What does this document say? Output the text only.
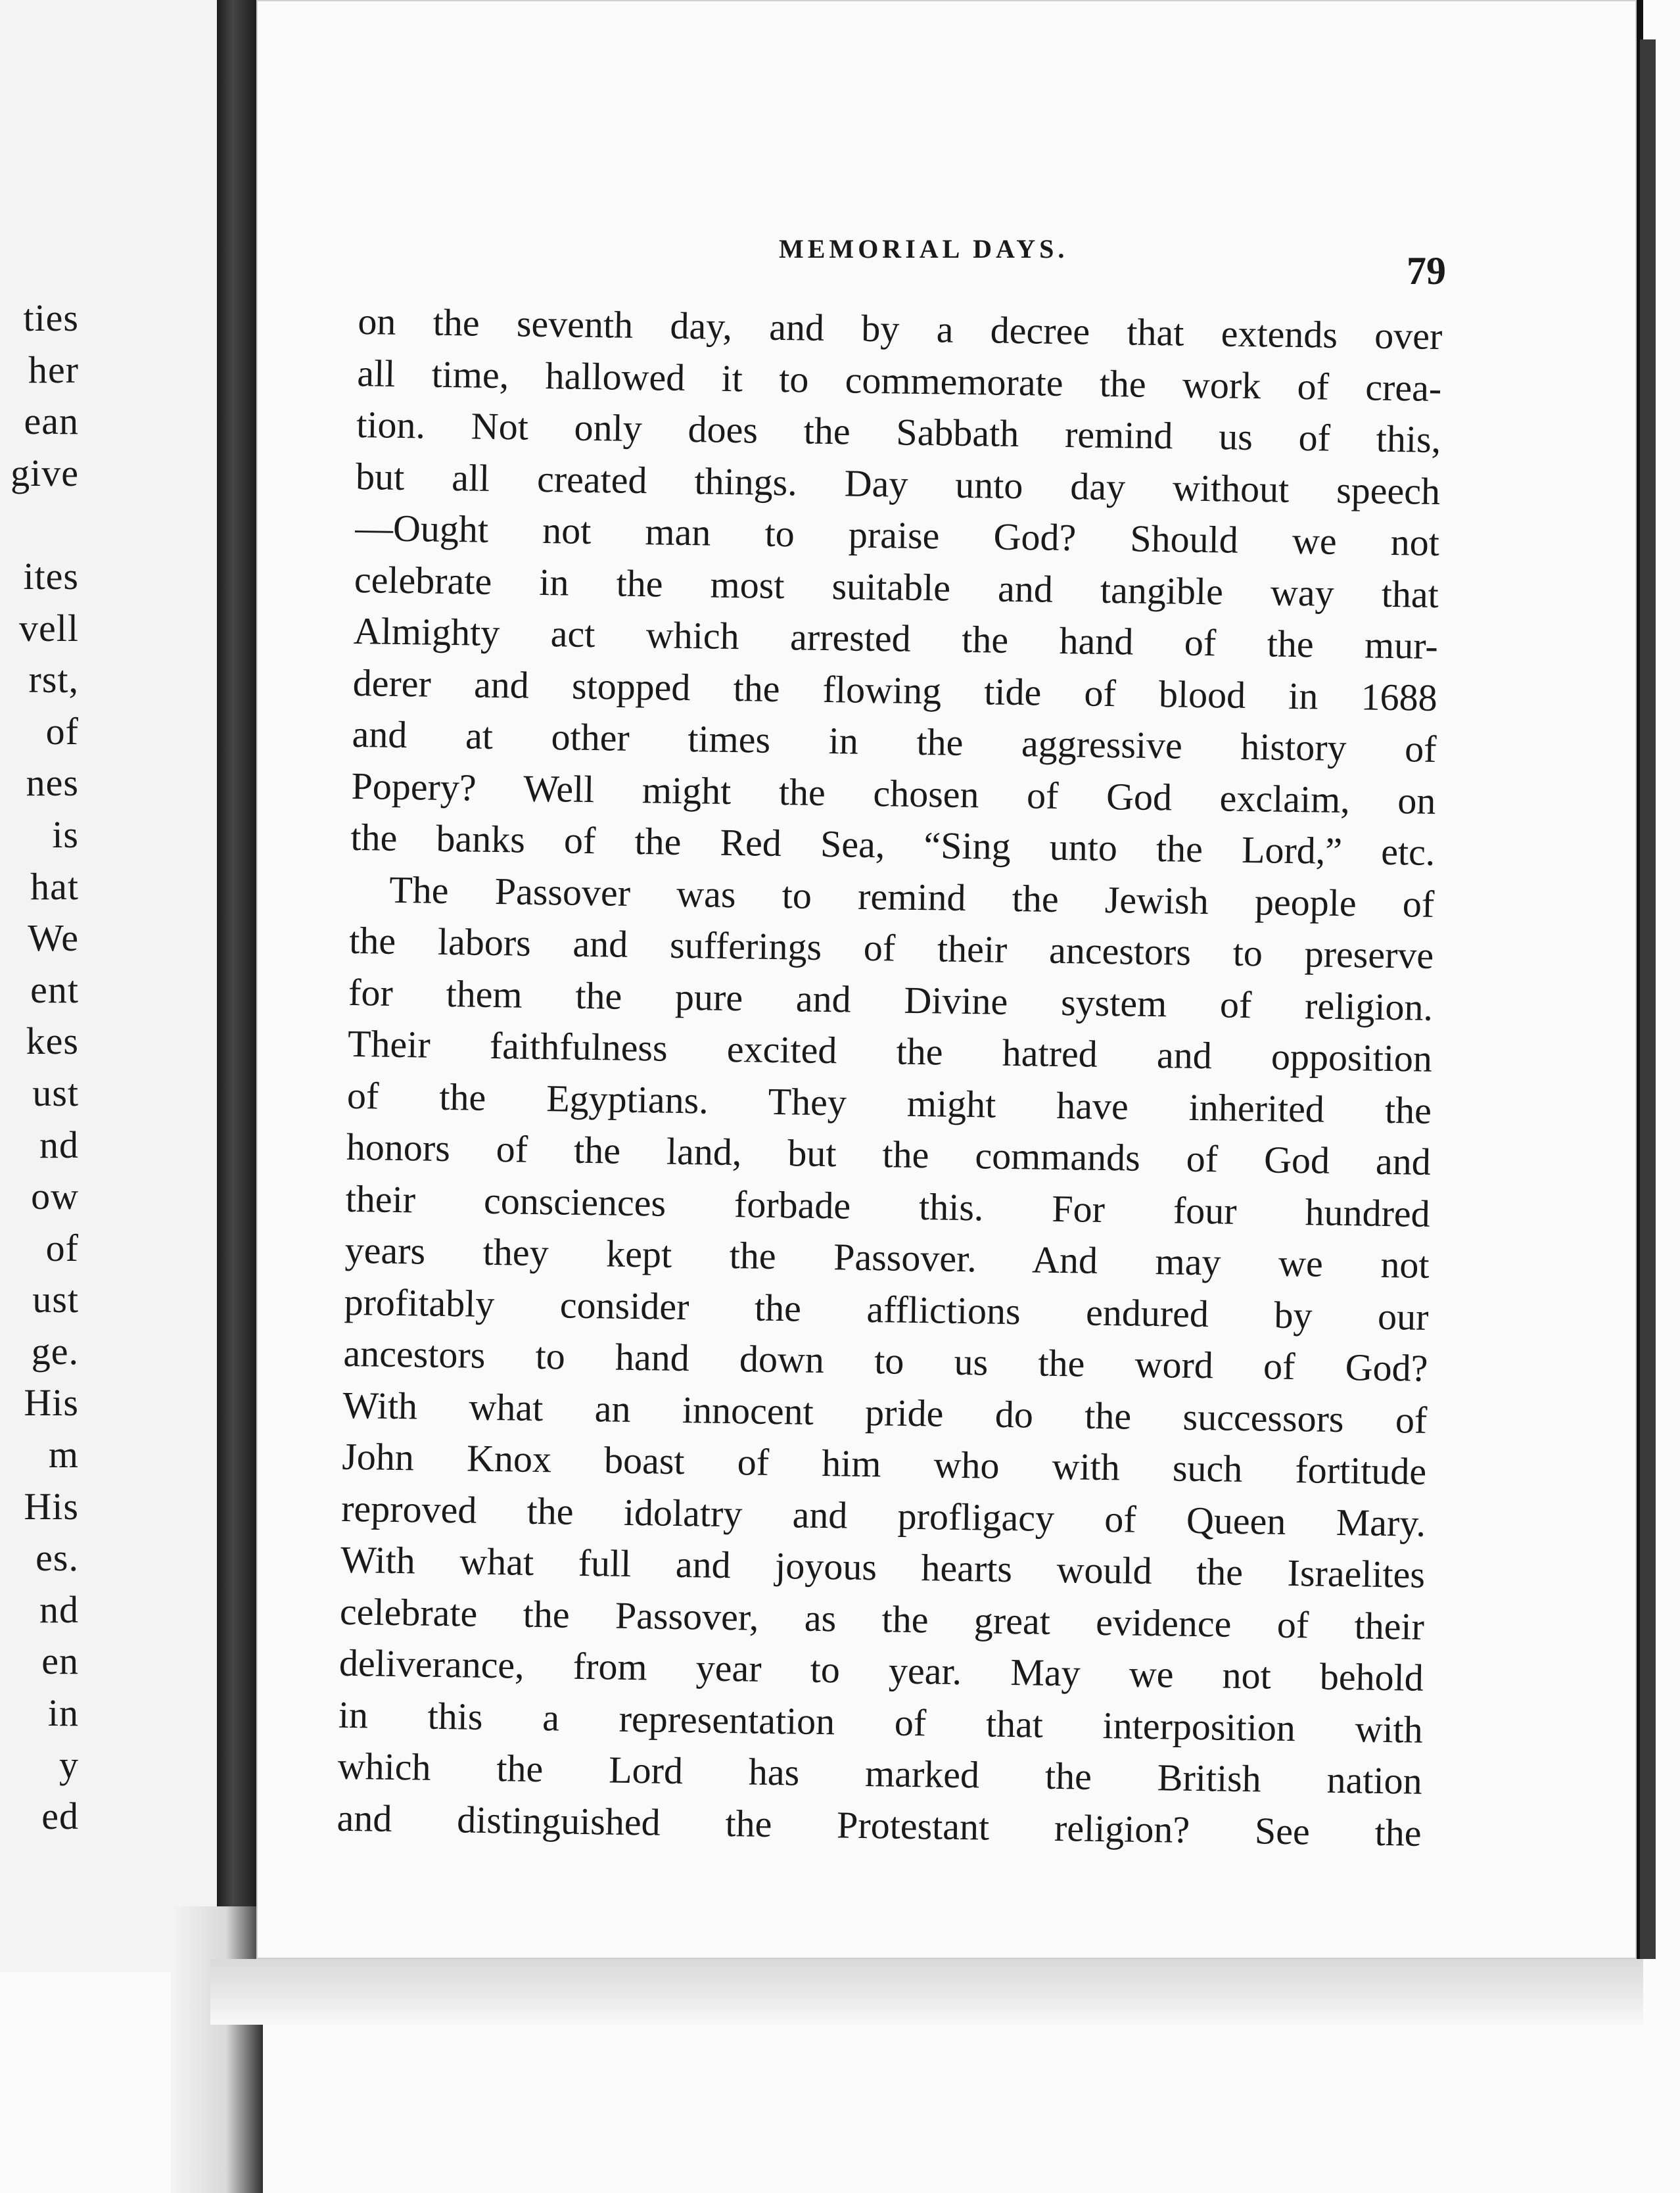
ties
her
ean
give
ites
vell
rst,
of
nes
is
hat
We
ent
kes
ust
nd
ow
of
ust
ge.
His
m
His
es.
nd
en
in
y
ed
MEMORIAL DAYS.
79
on the seventh day, and by a decree that extends over
all time, hallowed it to commemorate the work of crea-
tion. Not only does the Sabbath remind us of this,
but all created things. Day unto day without speech
—Ought not man to praise God? Should we not
celebrate in the most suitable and tangible way that
Almighty act which arrested the hand of the mur-
derer and stopped the flowing tide of blood in 1688
and at other times in the aggressive history of
Popery? Well might the chosen of God exclaim, on
the banks of the Red Sea, “Sing unto the Lord,” etc.
The Passover was to remind the Jewish people of
the labors and sufferings of their ancestors to preserve
for them the pure and Divine system of religion.
Their faithfulness excited the hatred and opposition
of the Egyptians. They might have inherited the
honors of the land, but the commands of God and
their consciences forbade this. For four hundred
years they kept the Passover. And may we not
profitably consider the afflictions endured by our
ancestors to hand down to us the word of God?
With what an innocent pride do the successors of
John Knox boast of him who with such fortitude
reproved the idolatry and profligacy of Queen Mary.
With what full and joyous hearts would the Israelites
celebrate the Passover, as the great evidence of their
deliverance, from year to year. May we not behold
in this a representation of that interposition with
which the Lord has marked the British nation
and distinguished the Protestant religion? See the
